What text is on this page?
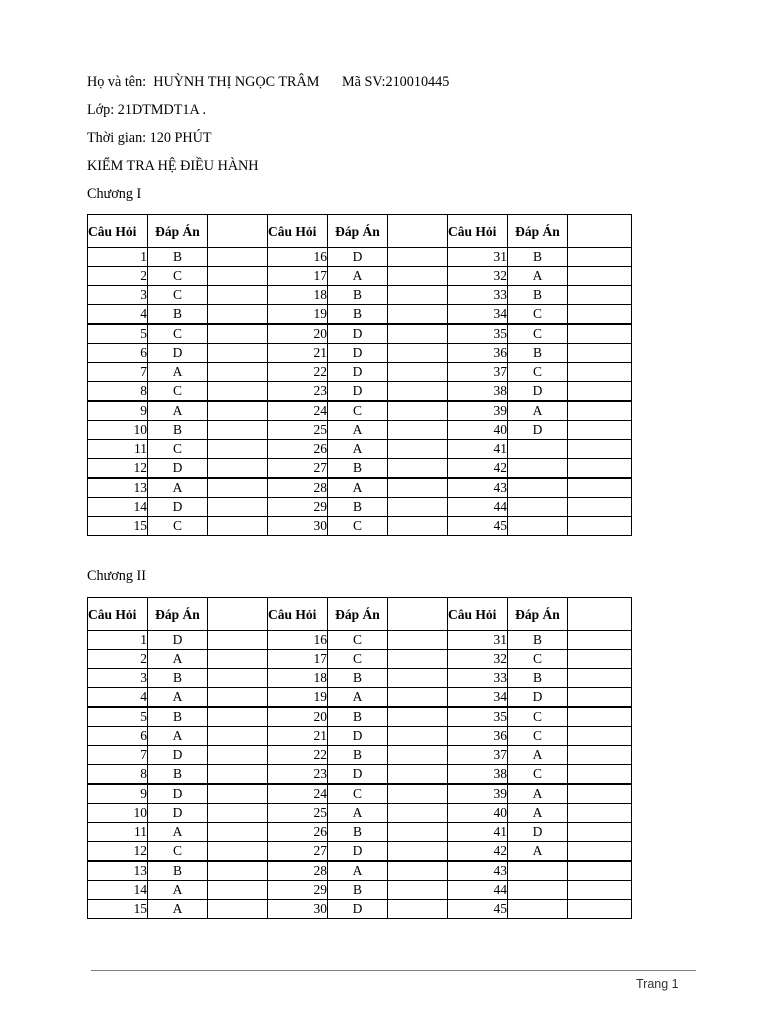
Họ và tên:  HUỲNH THỊ NGỌC TRÂM Mã SV:210010445
Lớp: 21DTMDT1A .
Thời gian: 120 PHÚT
KIỂM TRA HỆ ĐIỀU HÀNH
Chương I
Câu Hỏi	Đáp Án		Câu Hỏi	Đáp Án		Câu Hỏi	Đáp Án	
1	B		16	D		31	B	
2	C		17	A		32	A	
3	C		18	B		33	B	
4	B		19	B		34	C	
5	C		20	D		35	C	
6	D		21	D		36	B	
7	A		22	D		37	C	
8	C		23	D		38	D	
9	A		24	C		39	A	
10	B		25	A		40	D	
11	C		26	A		41		
12	D		27	B		42		
13	A		28	A		43		
14	D		29	B		44		
15	C		30	C		45		
Chương II
Câu Hỏi	Đáp Án		Câu Hỏi	Đáp Án		Câu Hỏi	Đáp Án	
1	D		16	C		31	B	
2	A		17	C		32	C	
3	B		18	B		33	B	
4	A		19	A		34	D	
5	B		20	B		35	C	
6	A		21	D		36	C	
7	D		22	B		37	A	
8	B		23	D		38	C	
9	D		24	C		39	A	
10	D		25	A		40	A	
11	A		26	B		41	D	
12	C		27	D		42	A	
13	B		28	A		43		
14	A		29	B		44		
15	A		30	D		45		
Trang 1
